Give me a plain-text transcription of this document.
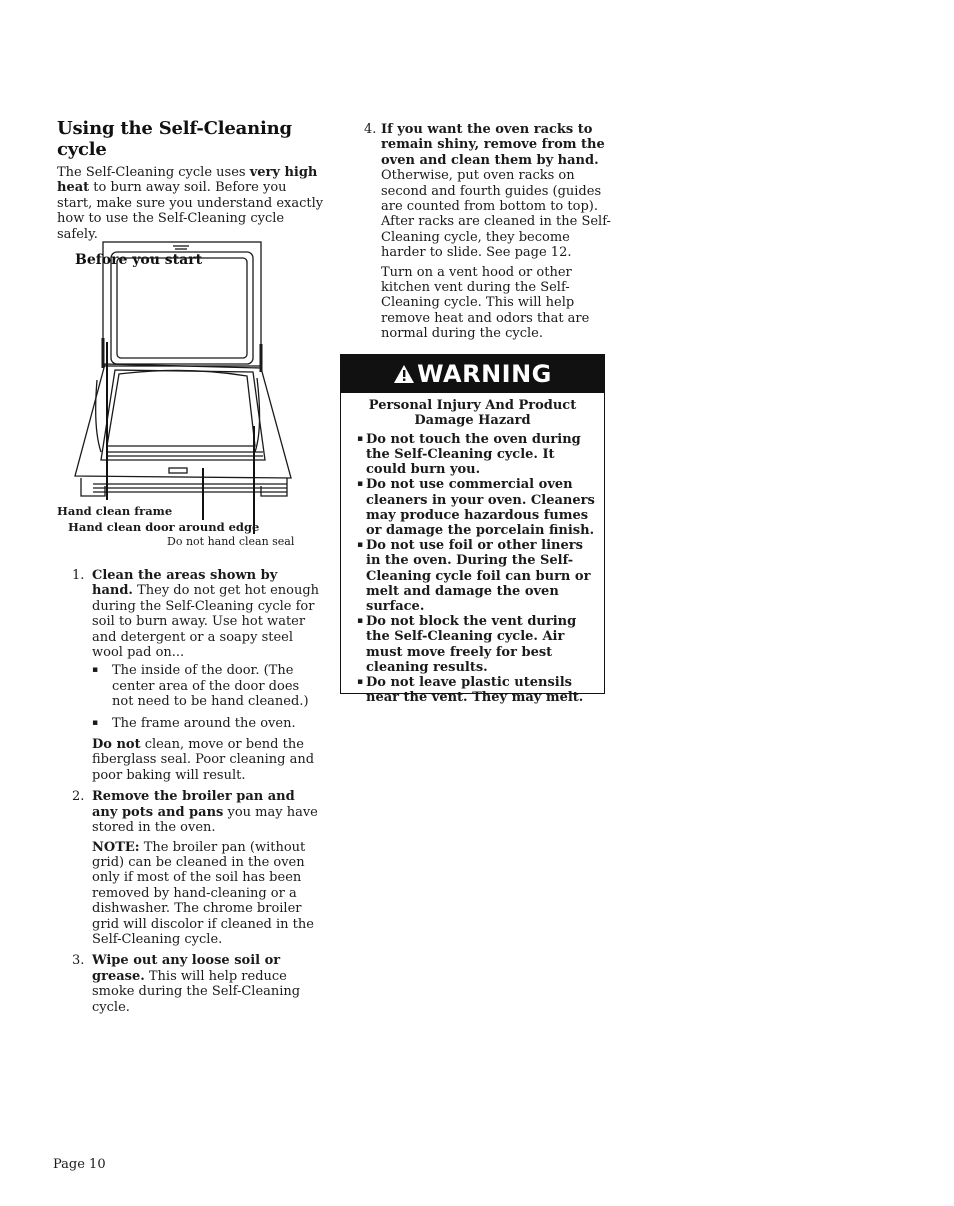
Using the Self-Cleaning cycle

The Self-Cleaning cycle uses very high heat to burn away soil. Before you start, make sure you understand exactly how to use the Self-Cleaning cycle safely.

Before you start
Hand clean frame
Hand clean door around edge
Do not hand clean seal
1. Clean the areas shown by hand. They do not get hot enough during the Self-Cleaning cycle for soil to burn away. Use hot water and detergent or a soapy steel wool pad on...
▪ The inside of the door. (The center area of the door does not need to be hand cleaned.)
▪ The frame around the oven.
Do not clean, move or bend the fiberglass seal. Poor cleaning and poor baking will result.
2. Remove the broiler pan and any pots and pans you may have stored in the oven.
NOTE: The broiler pan (without grid) can be cleaned in the oven only if most of the soil has been removed by hand-cleaning or a dishwasher. The chrome broiler grid will discolor if cleaned in the Self-Cleaning cycle.
3. Wipe out any loose soil or grease. This will help reduce smoke during the Self-Cleaning cycle.
4. If you want the oven racks to remain shiny, remove from the oven and clean them by hand. Otherwise, put oven racks on second and fourth guides (guides are counted from bottom to top). After racks are cleaned in the Self-Cleaning cycle, they become harder to slide. See page 12.
Turn on a vent hood or other kitchen vent during the Self-Cleaning cycle. This will help remove heat and odors that are normal during the cycle.
WARNING
Personal Injury And Product Damage Hazard
▪ Do not touch the oven during the Self-Cleaning cycle. It could burn you.
▪ Do not use commercial oven cleaners in your oven. Cleaners may produce hazardous fumes or damage the porcelain finish.
▪ Do not use foil or other liners in the oven. During the Self-Cleaning cycle foil can burn or melt and damage the oven surface.
▪ Do not block the vent during the Self-Cleaning cycle. Air must move freely for best cleaning results.
▪ Do not leave plastic utensils near the vent. They may melt.
Page 10
